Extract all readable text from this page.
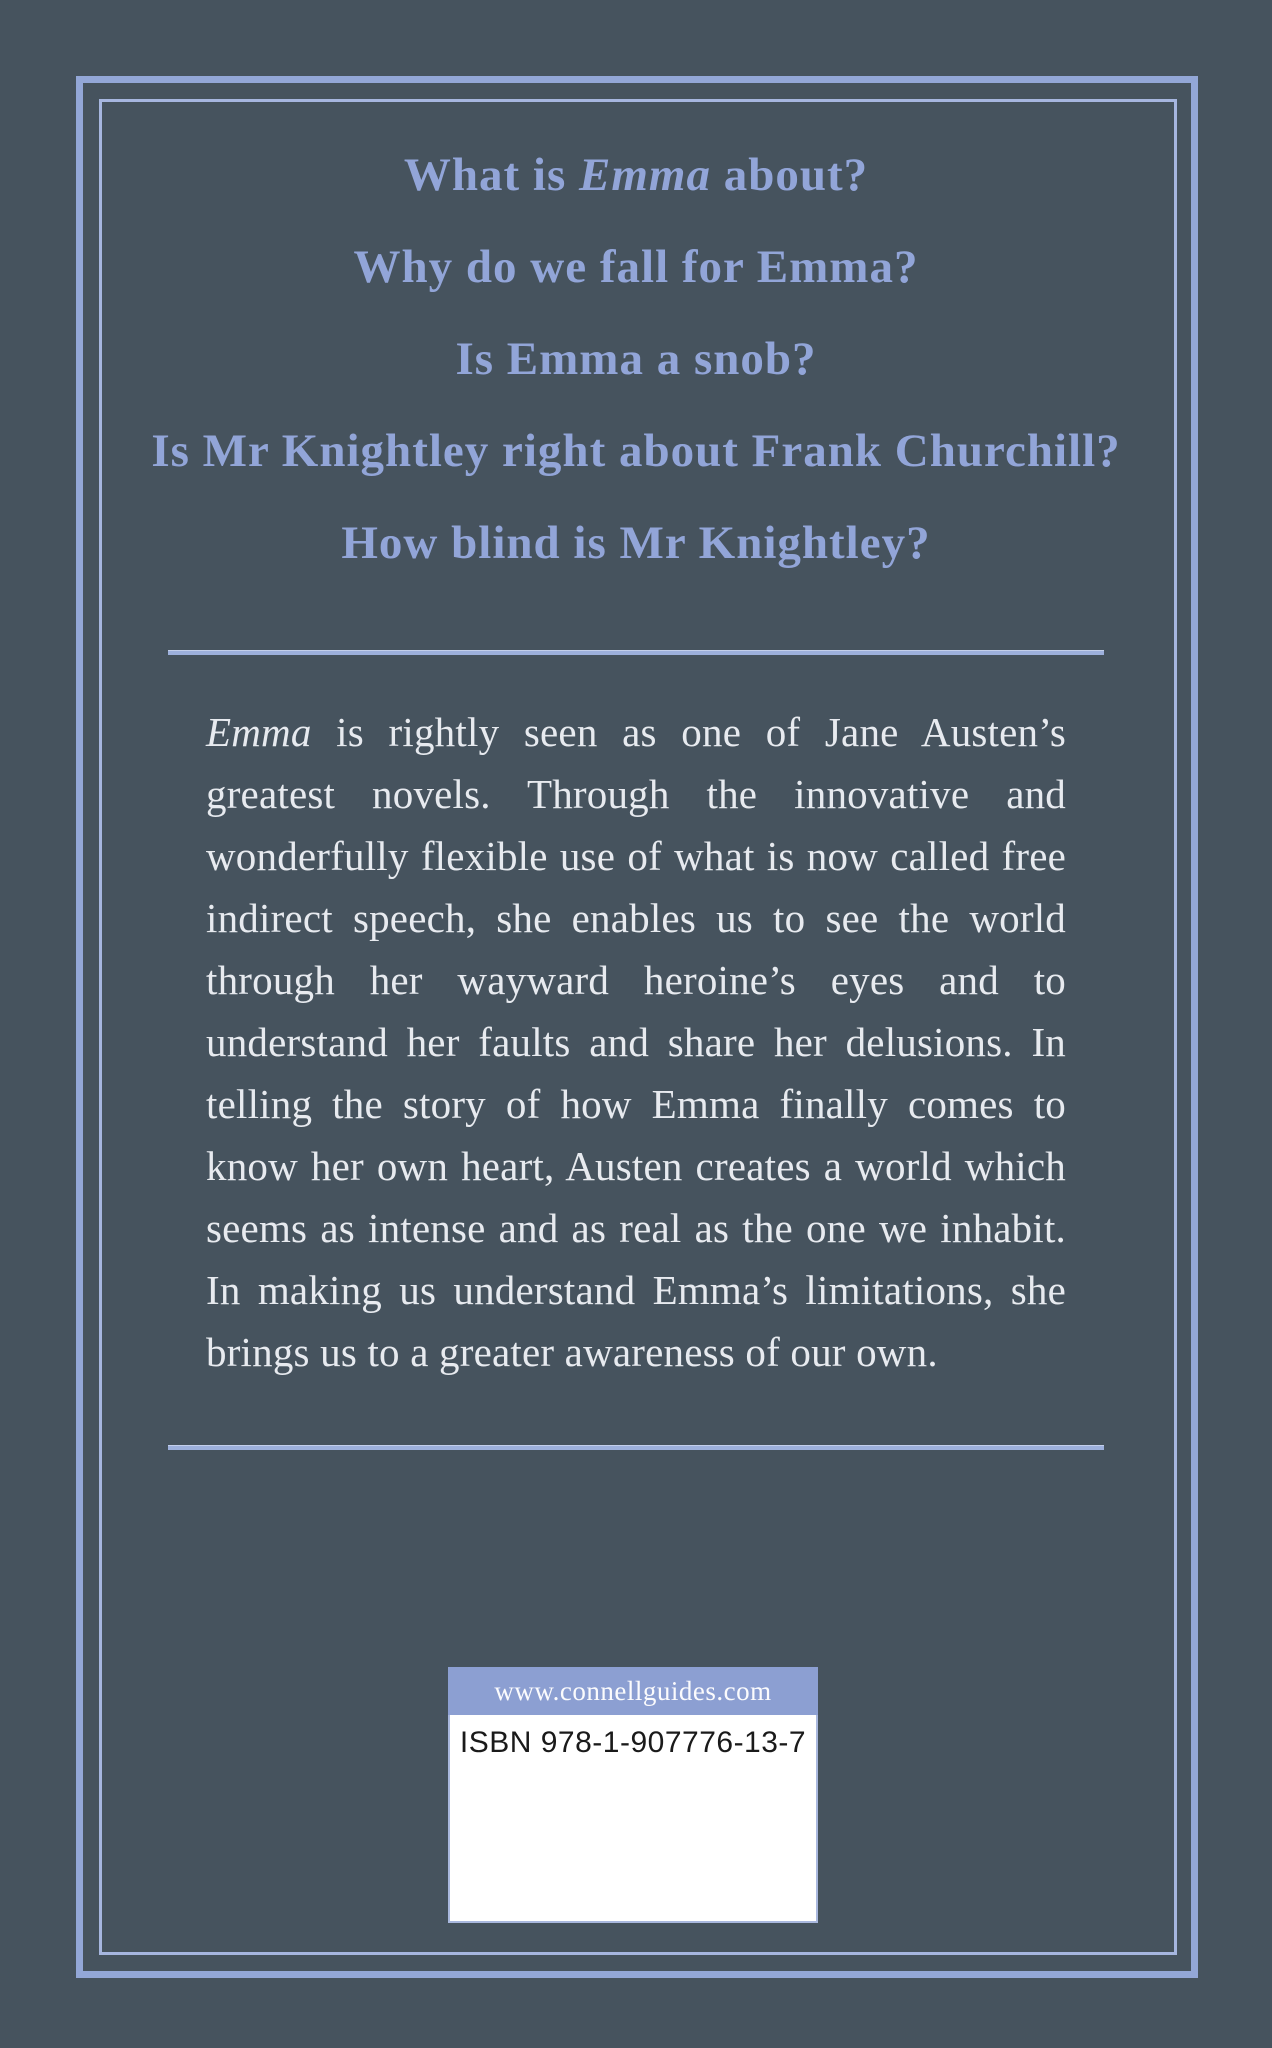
What is Emma about?

Why do we fall for Emma?

Is Emma a snob?

Is Mr Knightley right about Frank Churchill?

How blind is Mr Knightley?

Emma is rightly seen as one of Jane Austen’s greatest novels. Through the innovative and wonderfully flexible use of what is now called free indirect speech, she enables us to see the world through her wayward heroine’s eyes and to understand her faults and share her delusions. In telling the story of how Emma finally comes to know her own heart, Austen creates a world which seems as intense and as real as the one we inhabit. In making us understand Emma’s limitations, she brings us to a greater awareness of our own.
www.connellguides.com
ISBN 978-1-907776-13-7
